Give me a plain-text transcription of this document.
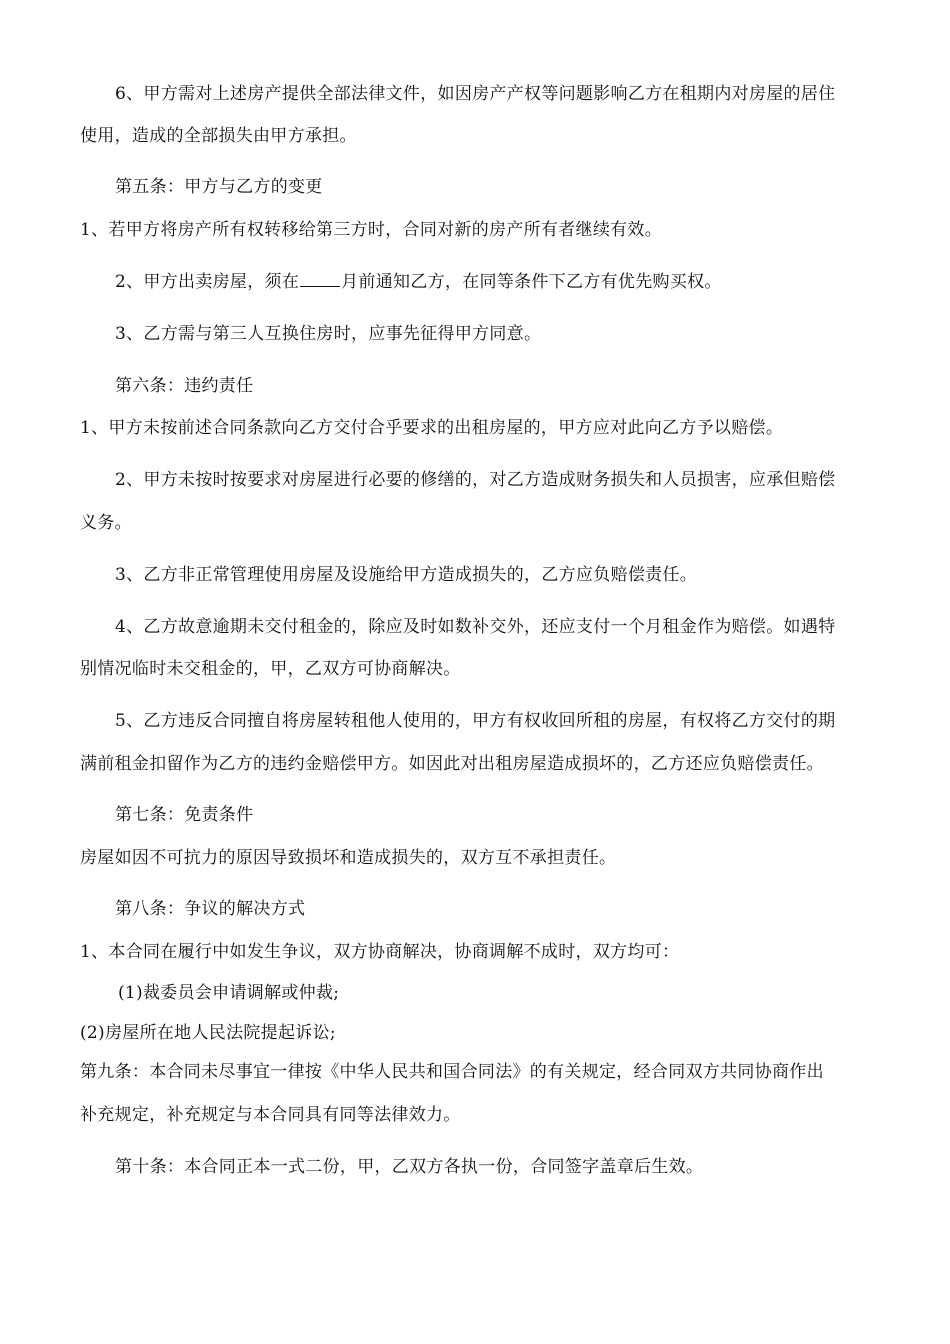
6、甲方需对上述房产提供全部法律文件，如因房产产权等问题影响乙方在租期内对房屋的居住
使用，造成的全部损失由甲方承担。
第五条：甲方与乙方的变更
1、若甲方将房产所有权转移给第三方时，合同对新的房产所有者继续有效。
2、甲方出卖房屋，须在 月前通知乙方，在同等条件下乙方有优先购买权。
3、乙方需与第三人互换住房时，应事先征得甲方同意。
第六条：违约责任
1、甲方未按前述合同条款向乙方交付合乎要求的出租房屋的，甲方应对此向乙方予以赔偿。
2、甲方未按时按要求对房屋进行必要的修缮的，对乙方造成财务损失和人员损害，应承但赔偿
义务。
3、乙方非正常管理使用房屋及设施给甲方造成损失的，乙方应负赔偿责任。
4、乙方故意逾期未交付租金的，除应及时如数补交外，还应支付一个月租金作为赔偿。如遇特
别情况临时未交租金的，甲，乙双方可协商解决。
5、乙方违反合同擅自将房屋转租他人使用的，甲方有权收回所租的房屋，有权将乙方交付的期
满前租金扣留作为乙方的违约金赔偿甲方。如因此对出租房屋造成损坏的，乙方还应负赔偿责任。
第七条：免责条件
房屋如因不可抗力的原因导致损坏和造成损失的，双方互不承担责任。
第八条：争议的解决方式
1、本合同在履行中如发生争议，双方协商解决，协商调解不成时，双方均可：
(1)裁委员会申请调解或仲裁;
(2)房屋所在地人民法院提起诉讼;
第九条：本合同未尽事宜一律按《中华人民共和国合同法》的有关规定，经合同双方共同协商作出
补充规定，补充规定与本合同具有同等法律效力。
第十条：本合同正本一式二份，甲，乙双方各执一份，合同签字盖章后生效。
